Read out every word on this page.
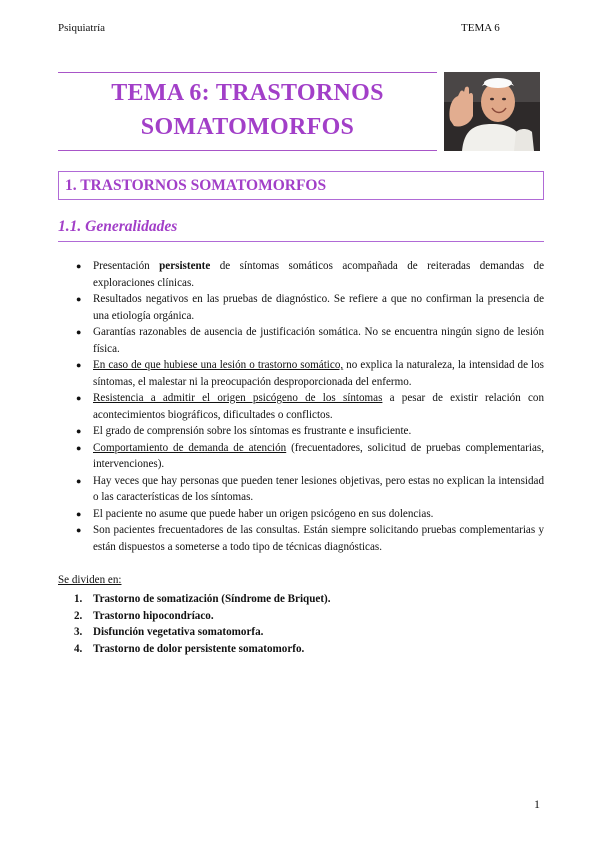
Psiquiatría	TEMA 6
TEMA 6: TRASTORNOS
SOMATOMORFOS
1. TRASTORNOS SOMATOMORFOS
1.1. Generalidades
● Presentación persistente de síntomas somáticos acompañada de reiteradas demandas de exploraciones clínicas.
● Resultados negativos en las pruebas de diagnóstico. Se refiere a que no confirman la presencia de una etiología orgánica.
● Garantías razonables de ausencia de justificación somática. No se encuentra ningún signo de lesión física.
● En caso de que hubiese una lesión o trastorno somático, no explica la naturaleza, la intensidad de los síntomas, el malestar ni la preocupación desproporcionada del enfermo.
● Resistencia a admitir el origen psicógeno de los síntomas a pesar de existir relación con acontecimientos biográficos, dificultades o conflictos.
● El grado de comprensión sobre los síntomas es frustrante e insuficiente.
● Comportamiento de demanda de atención (frecuentadores, solicitud de pruebas complementarias, intervenciones).
● Hay veces que hay personas que pueden tener lesiones objetivas, pero estas no explican la intensidad o las características de los síntomas.
● El paciente no asume que puede haber un origen psicógeno en sus dolencias.
● Son pacientes frecuentadores de las consultas. Están siempre solicitando pruebas complementarias y están dispuestos a someterse a todo tipo de técnicas diagnósticas.
Se dividen en:
1. Trastorno de somatización (Síndrome de Briquet).
2. Trastorno hipocondríaco.
3. Disfunción vegetativa somatomorfa.
4. Trastorno de dolor persistente somatomorfo.
1
